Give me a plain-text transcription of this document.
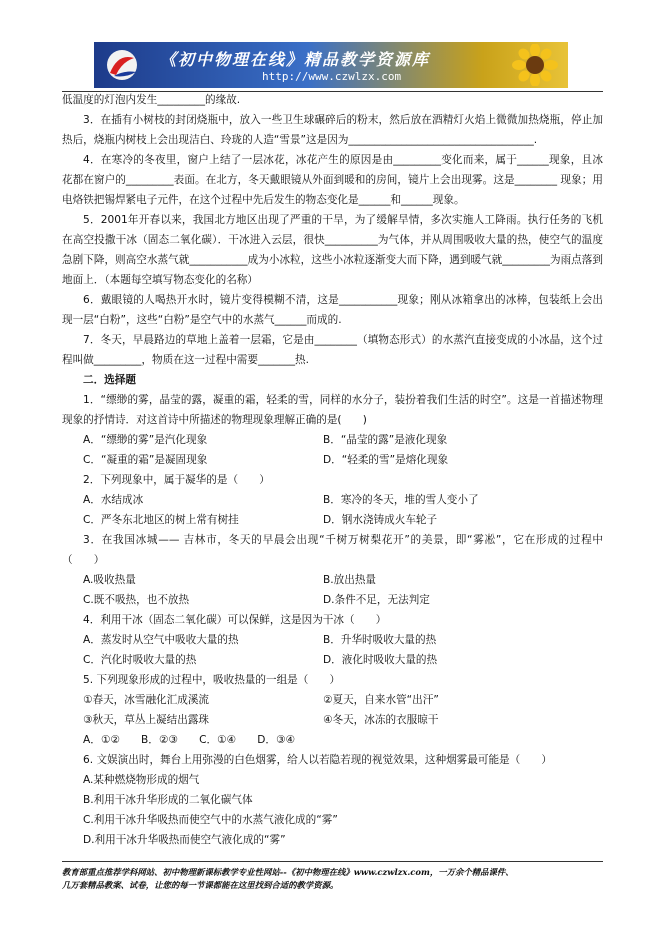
《初中物理在线》精品教学资源库
http://www.czwlzx.com

低温度的灯泡内发生_________的缘故.

3．在插有小树枝的封闭烧瓶中，放入一些卫生球碾碎后的粉末，然后放在酒精灯火焰上微微加热烧瓶，停止加热后，烧瓶内树枝上会出现洁白、玲珑的人造“雪景”这是因为___________________________________.

4．在寒冷的冬夜里，窗户上结了一层冰花，冰花产生的原因是由_________变化而来，属于______现象，且冰花都在窗户的_________表面。在北方，冬天戴眼镜从外面到暖和的房间，镜片上会出现雾。这是________ 现象；用电烙铁把锡焊紧电子元件，在这个过程中先后发生的物态变化是______和______现象。

5．2001年开春以来，我国北方地区出现了严重的干旱，为了缓解旱情，多次实施人工降雨。执行任务的飞机在高空投撒干冰（固态二氧化碳）．干冰进入云层，很快__________为气体，并从周围吸收大量的热，使空气的温度急剧下降，则高空水蒸气就___________成为小冰粒，这些小冰粒逐渐变大而下降，遇到暖气就_________为雨点落到地面上．（本题每空填写物态变化的名称）

6．戴眼镜的人喝热开水时，镜片变得模糊不清，这是___________现象；刚从冰箱拿出的冰棒，包装纸上会出现一层“白粉”，这些“白粉”是空气中的水蒸气______而成的.

7．冬天，早晨路边的草地上盖着一层霜，它是由________（填物态形式）的水蒸汽直接变成的小冰晶，这个过程叫做_________，物质在这一过程中需要_______热.

二．选择题

1．“缥缈的雾，晶莹的露，凝重的霜，轻柔的雪，同样的水分子，装扮着我们生活的时空”。这是一首描述物理现象的抒情诗．对这首诗中所描述的物理现象理解正确的是(　　)

A．“缥缈的雾”是汽化现象	B．“晶莹的露”是液化现象

C．“凝重的霜”是凝固现象	D．“轻柔的雪”是熔化现象

2．下列现象中，属于凝华的是（　　）

A．水结成冰	B．寒冷的冬天，堆的雪人变小了

C．严冬东北地区的树上常有树挂	D．钢水浇铸成火车轮子

3．在我国冰城—— 吉林市，冬天的早晨会出现“千树万树梨花开”的美景，即“雾凇”，它在形成的过程中（　　）

A.吸收热量	B.放出热量

C.既不吸热，也不放热	D.条件不足，无法判定

4．利用干冰（固态二氧化碳）可以保鲜，这是因为干冰（　　）

A．蒸发时从空气中吸收大量的热	B．升华时吸收大量的热

C．汽化时吸收大量的热	D．液化时吸收大量的热

5. 下列现象形成的过程中，吸收热量的一组是（　　）

①春天，冰雪融化汇成溪流	②夏天，自来水管“出汗”

③秋天，草丛上凝结出露珠	④冬天，冰冻的衣服晾干

A．①②　　B．②③　　C．①④　　D．③④

6. 文娱演出时，舞台上用弥漫的白色烟雾，给人以若隐若现的视觉效果，这种烟雾最可能是（　　）

A.某种燃烧物形成的烟气

B.利用干冰升华形成的二氧化碳气体

C.利用干冰升华吸热而使空气中的水蒸气液化成的“雾”

D.利用干冰升华吸热而使空气液化成的“雾”

教育部重点推荐学科网站、初中物理新课标教学专业性网站--《初中物理在线》www.czwlzx.com，一万余个精品课件、
几万套精品教案、试卷，让您的每一节课都能在这里找到合适的教学资源。
